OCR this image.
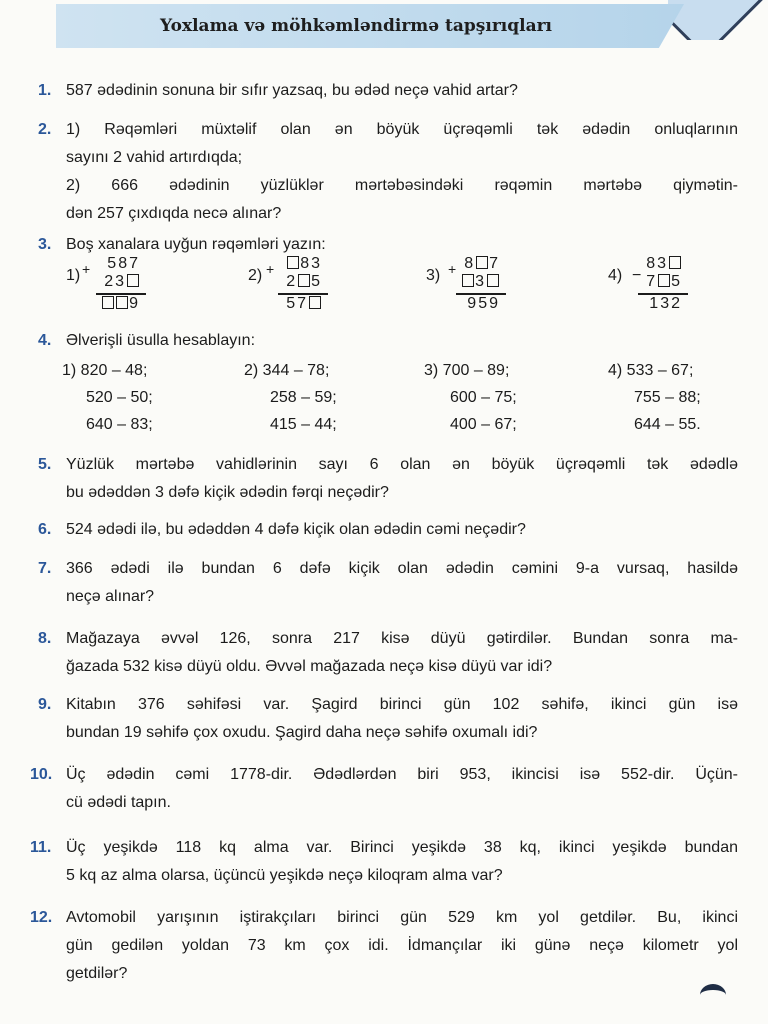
Yoxlama və möhkəmləndirmə tapşırıqları
1. 587 ədədinin sonuna bir sıfır yazsaq, bu ədəd neçə vahid artar?
2. 1) Rəqəmləri müxtəlif olan ən böyük üçrəqəmli tək ədədin onluqlarının
sayını 2 vahid artırdıqda;
2) 666 ədədinin yüzlüklər mərtəbəsindəki rəqəmin mərtəbə qiymətin-
dən 257 çıxdıqda necə alınar?
3. Boş xanalara uyğun rəqəmləri yazın:
1) + 587
23
9
2) +	83
2 5
57
3) + 8 7
3
959
4) −
83
7 5
132
4. Əlverişli üsulla hesablayın:
1) 820 – 48;
520 – 50;
640 – 83;
2) 344 – 78;
258 – 59;
415 – 44;
3) 700 – 89;
600 – 75;
400 – 67;
4) 533 – 67;
755 – 88;
644 – 55.
5. Yüzlük mərtəbə vahidlərinin sayı 6 olan ən böyük üçrəqəmli tək ədədlə
bu ədəddən 3 dəfə kiçik ədədin fərqi neçədir?
6. 524 ədədi ilə, bu ədəddən 4 dəfə kiçik olan ədədin cəmi neçədir?
7. 366 ədədi ilə bundan 6 dəfə kiçik olan ədədin cəmini 9-a vursaq, hasildə
neçə alınar?
8. Mağazaya əvvəl 126, sonra 217 kisə düyü gətirdilər. Bundan sonra ma-
ğazada 532 kisə düyü oldu. Əvvəl mağazada neçə kisə düyü var idi?
9. Kitabın 376 səhifəsi var. Şagird birinci gün 102 səhifə, ikinci gün isə
bundan 19 səhifə çox oxudu. Şagird daha neçə səhifə oxumalı idi?
10. Üç ədədin cəmi 1778-dir. Ədədlərdən biri 953, ikincisi isə 552-dir. Üçün-
cü ədədi tapın.
11. Üç yeşikdə 118 kq alma var. Birinci yeşikdə 38 kq, ikinci yeşikdə bundan
5 kq az alma olarsa, üçüncü yeşikdə neçə kiloqram alma var?
12. Avtomobil yarışının iştirakçıları birinci gün 529 km yol getdilər. Bu, ikinci
gün gedilən yoldan 73 km çox idi. İdmançılar iki günə neçə kilometr yol
getdilər?
